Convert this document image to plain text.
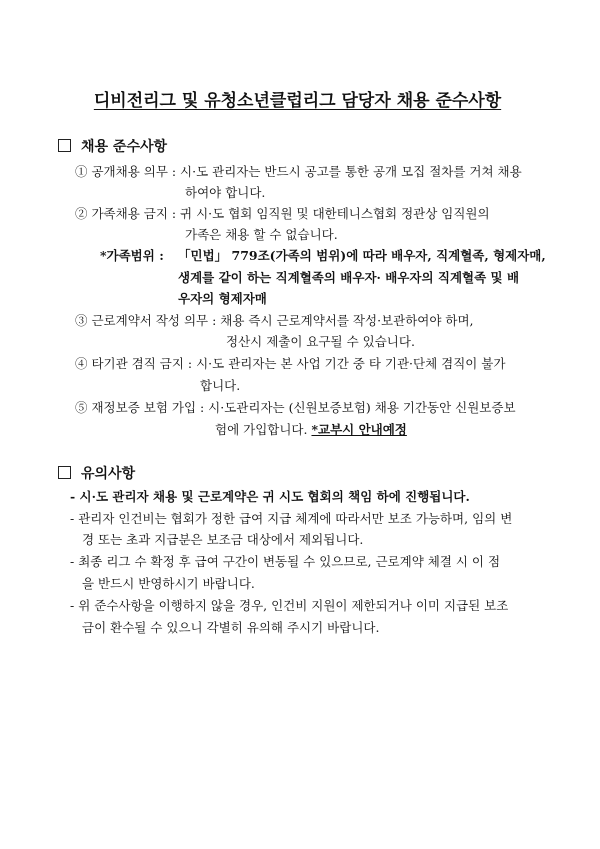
디비전리그 및 유청소년클럽리그 담당자 채용 준수사항
채용 준수사항
① 공개채용 의무 : 시·도 관리자는 반드시 공고를 통한 공개 모집 절차를 거쳐 채용
하여야 합니다.
② 가족채용 금지 : 귀 시·도 협회 임직원 및 대한테니스협회 정관상 임직원의
가족은 채용 할 수 없습니다.
*가족범위 : 「민법」 779조(가족의 범위)에 따라 배우자, 직계혈족, 형제자매,
생계를 같이 하는 직계혈족의 배우자· 배우자의 직계혈족 및 배
우자의 형제자매
③ 근로계약서 작성 의무 : 채용 즉시 근로계약서를 작성·보관하여야 하며,
정산시 제출이 요구될 수 있습니다.
④ 타기관 겸직 금지 : 시·도 관리자는 본 사업 기간 중 타 기관·단체 겸직이 불가
합니다.
⑤ 재정보증 보험 가입 : 시·도관리자는 (신원보증보험) 채용 기간동안 신원보증보
험에 가입합니다. *교부시 안내예정
유의사항
- 시·도 관리자 채용 및 근로계약은 귀 시도 협회의 책임 하에 진행됩니다.
- 관리자 인건비는 협회가 정한 급여 지급 체계에 따라서만 보조 가능하며, 임의 변
경 또는 초과 지급분은 보조금 대상에서 제외됩니다.
- 최종 리그 수 확정 후 급여 구간이 변동될 수 있으므로, 근로계약 체결 시 이 점
을 반드시 반영하시기 바랍니다.
- 위 준수사항을 이행하지 않을 경우, 인건비 지원이 제한되거나 이미 지급된 보조
금이 환수될 수 있으니 각별히 유의해 주시기 바랍니다.
